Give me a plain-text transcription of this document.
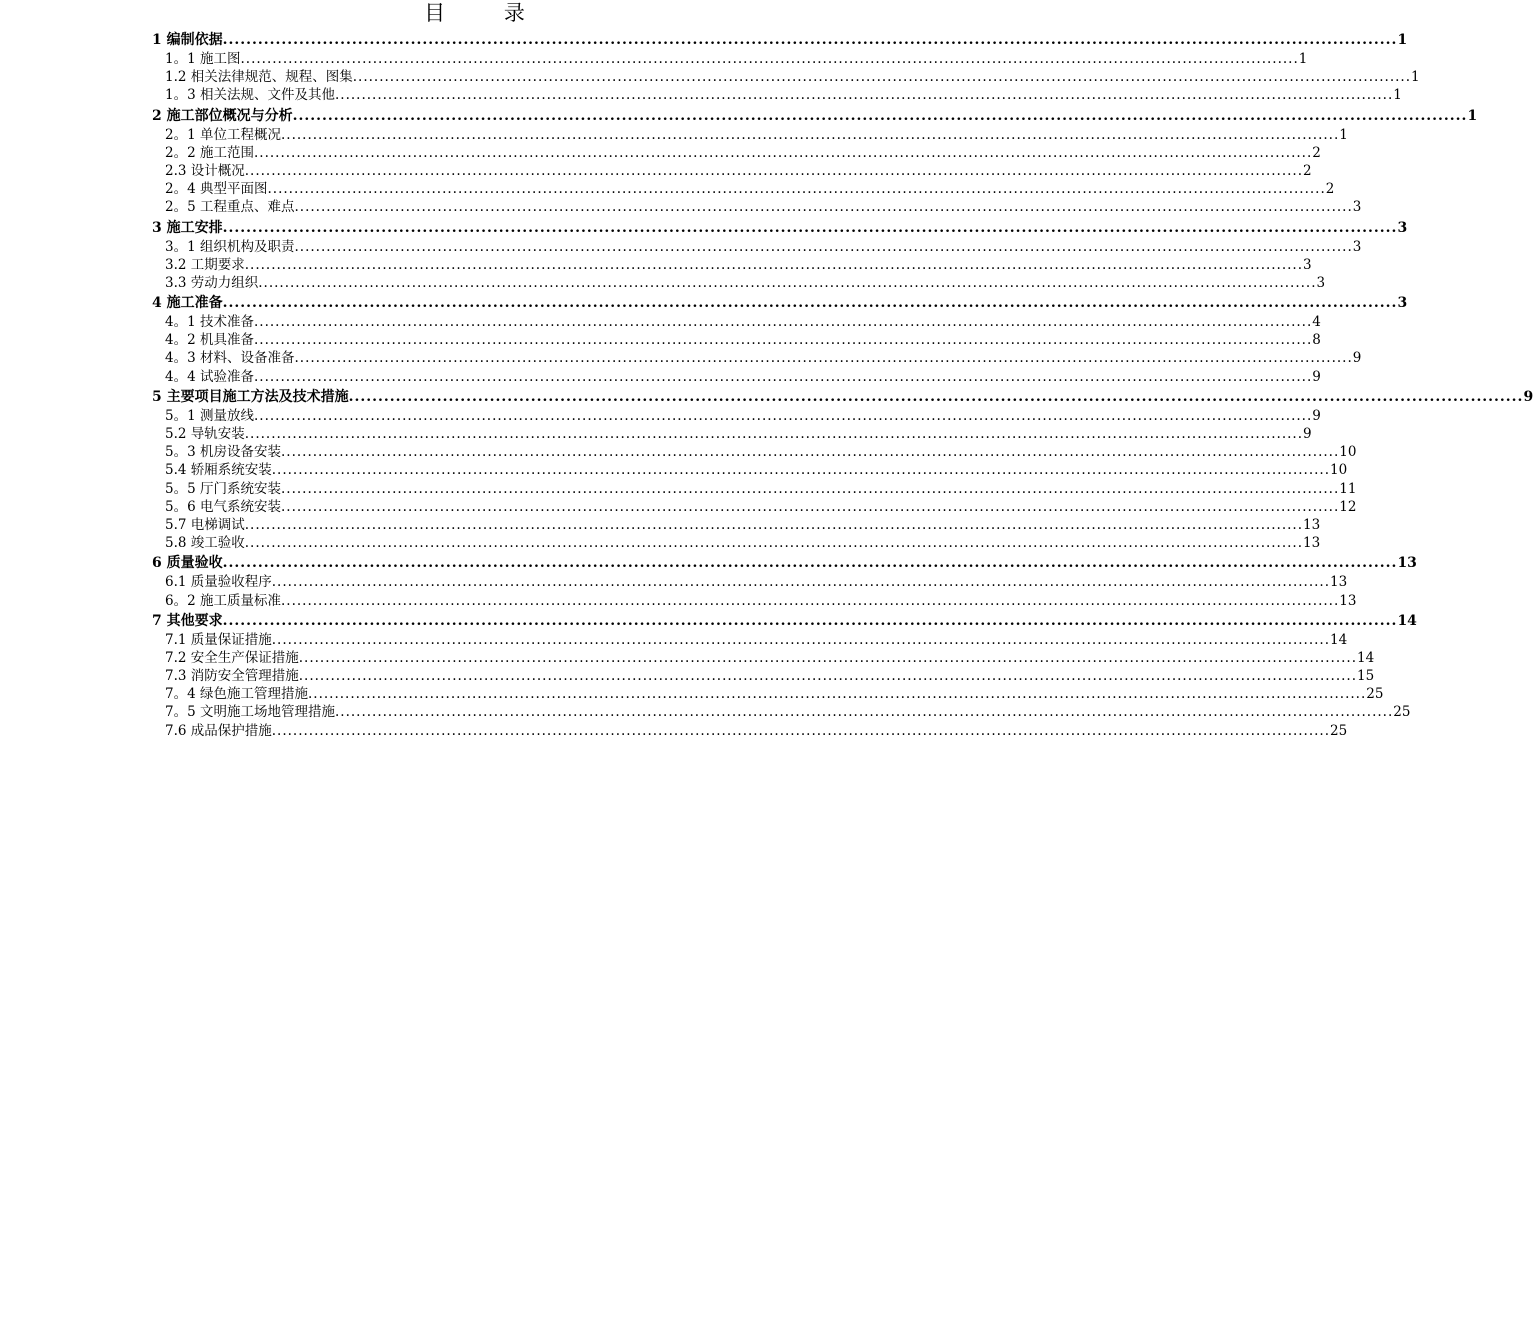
目 录
1 编制依据 ........................................................................................................................................................................................................ 1
1。1 施工图 ........................................................................................................................................................................................................ 1
1.2 相关法律规范、规程、图集 ........................................................................................................................................................................................................ 1
1。3 相关法规、文件及其他 ........................................................................................................................................................................................................ 1
2 施工部位概况与分析 ........................................................................................................................................................................................................ 1
2。1 单位工程概况 ........................................................................................................................................................................................................ 1
2。2 施工范围 ........................................................................................................................................................................................................ 2
2.3 设计概况 ........................................................................................................................................................................................................ 2
2。4 典型平面图 ........................................................................................................................................................................................................ 2
2。5 工程重点、难点 ........................................................................................................................................................................................................ 3
3 施工安排 ........................................................................................................................................................................................................ 3
3。1 组织机构及职责 ........................................................................................................................................................................................................ 3
3.2 工期要求 ........................................................................................................................................................................................................ 3
3.3 劳动力组织 ........................................................................................................................................................................................................ 3
4 施工准备 ........................................................................................................................................................................................................ 3
4。1 技术准备 ........................................................................................................................................................................................................ 4
4。2 机具准备 ........................................................................................................................................................................................................ 8
4。3 材料、设备准备 ........................................................................................................................................................................................................ 9
4。4 试验准备 ........................................................................................................................................................................................................ 9
5 主要项目施工方法及技术措施 ........................................................................................................................................................................................................ 9
5。1 测量放线 ........................................................................................................................................................................................................ 9
5.2 导轨安装 ........................................................................................................................................................................................................ 9
5。3 机房设备安装 ........................................................................................................................................................................................................ 10
5.4 轿厢系统安装 ........................................................................................................................................................................................................ 10
5。5 厅门系统安装 ........................................................................................................................................................................................................ 11
5。6 电气系统安装 ........................................................................................................................................................................................................ 12
5.7 电梯调试 ........................................................................................................................................................................................................ 13
5.8 竣工验收 ........................................................................................................................................................................................................ 13
6 质量验收 ........................................................................................................................................................................................................ 13
6.1 质量验收程序 ........................................................................................................................................................................................................ 13
6。2 施工质量标准 ........................................................................................................................................................................................................ 13
7 其他要求 ........................................................................................................................................................................................................ 14
7.1 质量保证措施 ........................................................................................................................................................................................................ 14
7.2 安全生产保证措施 ........................................................................................................................................................................................................ 14
7.3 消防安全管理措施 ........................................................................................................................................................................................................ 15
7。4 绿色施工管理措施 ........................................................................................................................................................................................................ 25
7。5 文明施工场地管理措施 ........................................................................................................................................................................................................ 25
7.6 成品保护措施 ........................................................................................................................................................................................................ 25
